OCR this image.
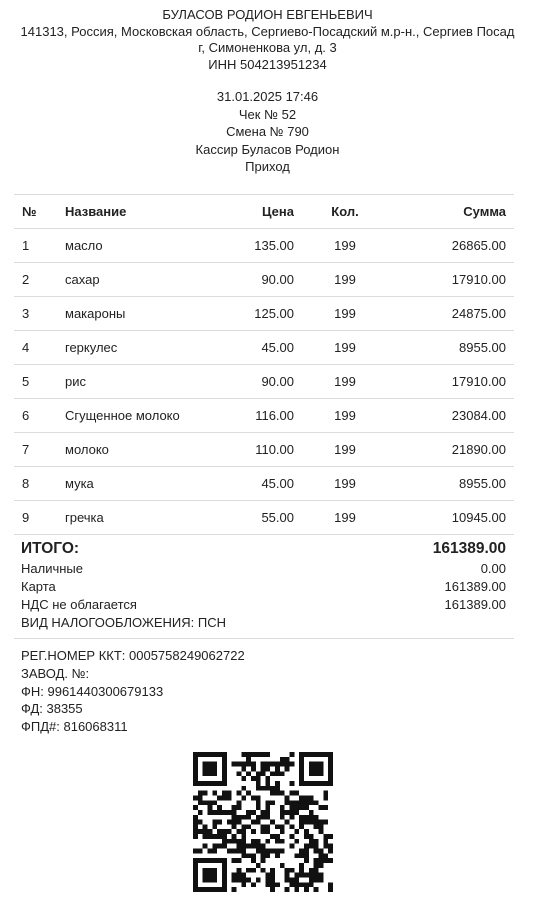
БУЛАСОВ РОДИОН ЕВГЕНЬЕВИЧ
141313, Россия, Московская область, Сергиево-Посадский м.р-н., Сергиев Посад
г, Симоненкова ул, д. 3
ИНН 504213951234
31.01.2025 17:46
Чек № 52
Смена № 790
Кассир Буласов Родион
Приход
№	Название	Цена	Кол.	Сумма
1	масло	135.00	199	26865.00
2	сахар	90.00	199	17910.00
3	макароны	125.00	199	24875.00
4	геркулес	45.00	199	8955.00
5	рис	90.00	199	17910.00
6	Сгущенное молоко	116.00	199	23084.00
7	молоко	110.00	199	21890.00
8	мука	45.00	199	8955.00
9	гречка	55.00	199	10945.00
ИТОГО:	161389.00
Наличные	0.00
Карта	161389.00
НДС не облагается	161389.00
ВИД НАЛОГООБЛОЖЕНИЯ: ПСН
РЕГ.НОМЕР ККТ: 0005758249062722
ЗАВОД. №:
ФН: 9961440300679133
ФД: 38355
ФПД#: 816068311
